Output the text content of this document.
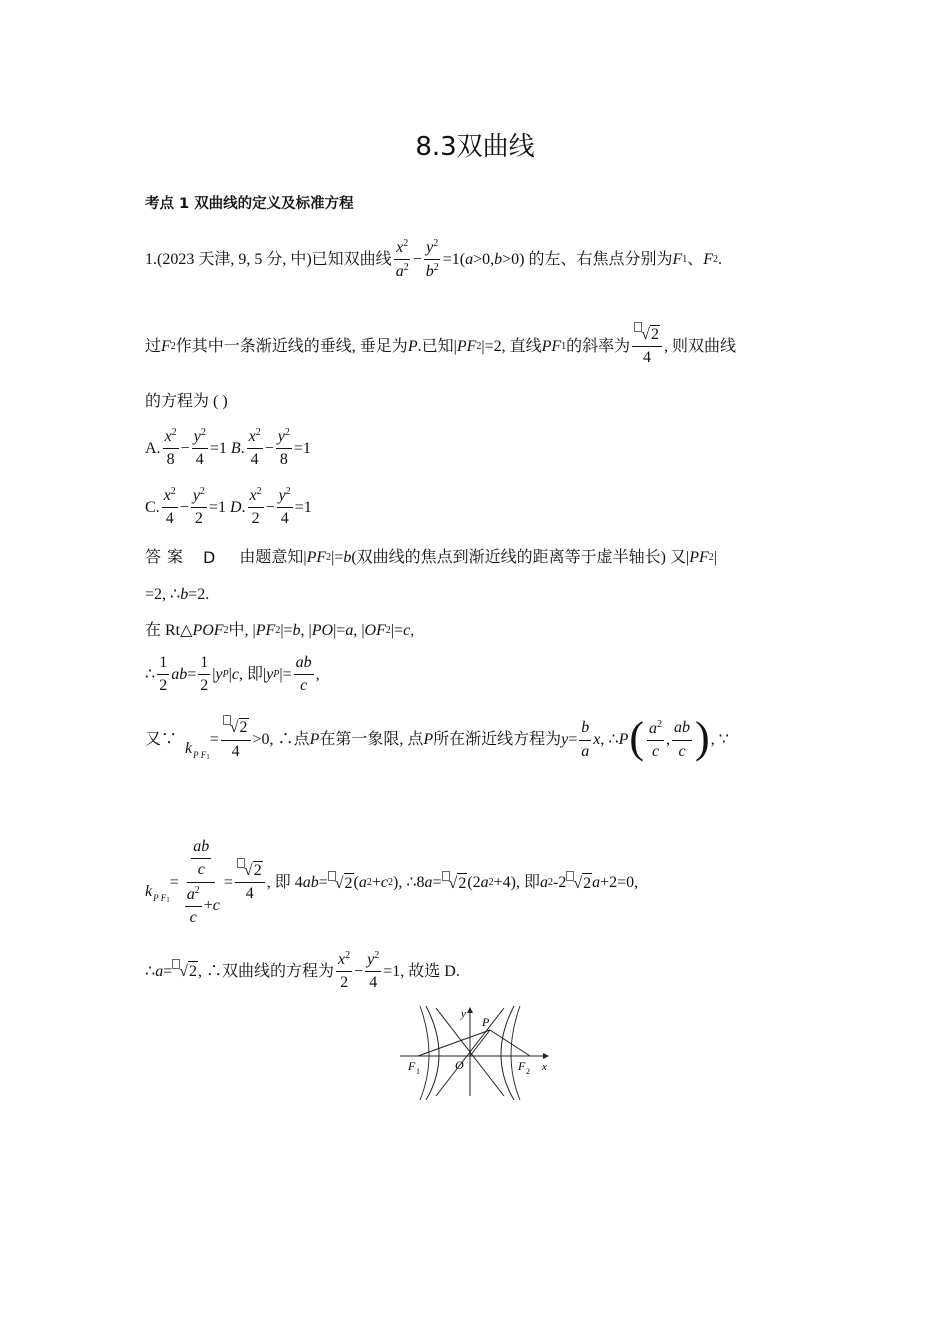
8.3双曲线
考点 1 双曲线的定义及标准方程
1. (2023 天津, 9, 5 分, 中) 已知双曲线 $\frac{x^2}{a^2} - \frac{y^2}{b^2} =1$( a >0, b >0) 的左、右焦点分别为 F 1 、 F 2 .
过 F 2 作其中一条渐近线的垂线, 垂足为 P .已知| PF 2 |=2, 直线 PF 1 的斜率为 $\frac{√2}{4}$ , 则双曲线
的方程为 ( )
A. $\frac{x^2}{8} - \frac{y^2}{4} = 1$ B . $\frac{x^2}{4} - \frac{y^2}{8} =1$
C. $\frac{x^2}{4} - \frac{y^2}{2} = 1$ D . $\frac{x^2}{2} - \frac{y^2}{4} =1$
答案 D 由题意知| PF 2 |= b (双曲线的焦点到渐近线的距离等于虚半轴长) 又| PF 2 |
=2, ∴ b =2.
在 Rt△ POF 2 中, | PF 2 |= b , | PO |= a , | OF 2 |= c ,
∴ $\frac{1}{2}$ ab = $\frac{1}{2}$ | y P | c , 即| y P |= $\frac{ab}{c}$ ,
又∵
k P $F_1$
= $\frac{√2}{4} >0$, ∴点 P 在第一象限, 点 P 所在渐近线方程为 $y = \frac{b}{a}$ x , ∴ P ( $\frac{a^2}{c}$ , $\frac{ab}{c}$ ) , ∵
k P $F_1$
= $\frac{\frac{ab}{c}}{\frac{a^2}{c} +c} = \frac{√2}{4}$ , 即 4 ab = √ 2 ( a 2 + c 2 ) , ∴8 a = √ 2 (2 a 2 +4), 即 a 2 -2 √ 2 a +2=0,
∴ a = √ 2 , ∴双曲线的方程为 $\frac{x^2}{2} - \frac{y^2}{4} =1$, 故选 D.
y
x
P
O
F 1	F 2
